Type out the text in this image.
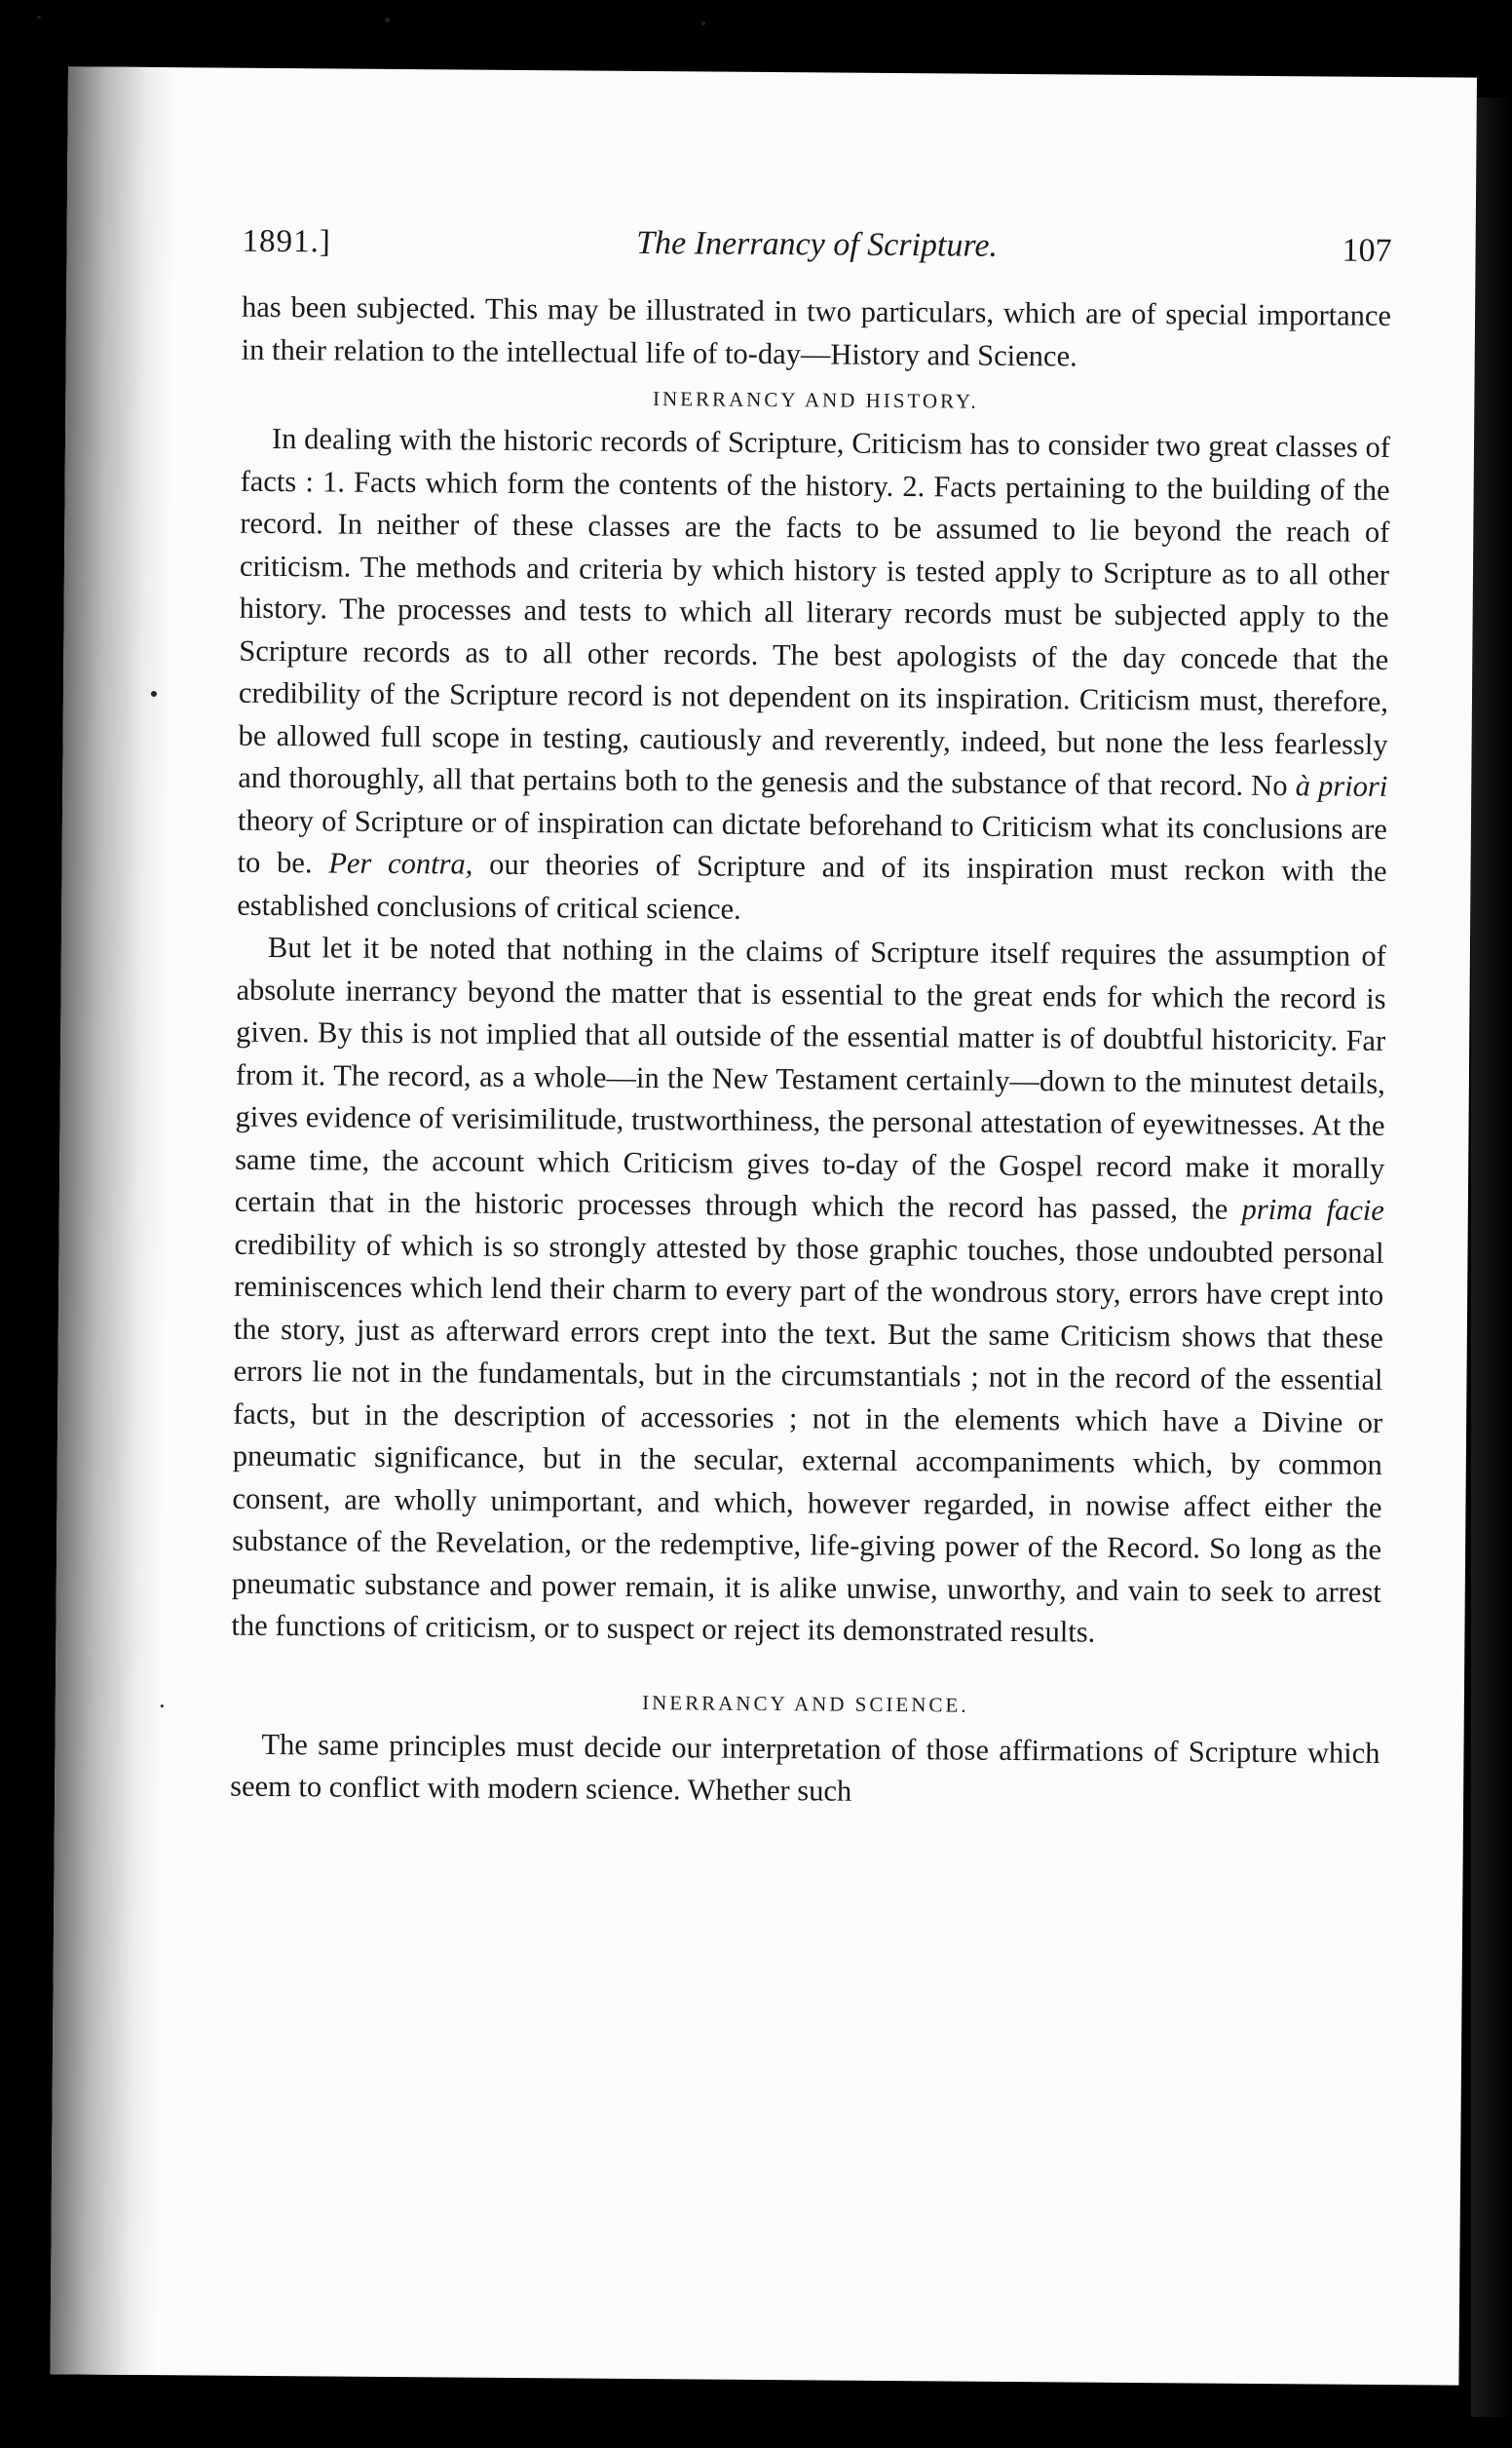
1891.]	The Inerrancy of Scripture.	107

has been subjected. This may be illustrated in two particulars, which are of special importance in their relation to the intellectual life of to-day—History and Science.

INERRANCY AND HISTORY.

In dealing with the historic records of Scripture, Criticism has to consider two great classes of facts : 1. Facts which form the contents of the history. 2. Facts pertaining to the building of the record. In neither of these classes are the facts to be assumed to lie beyond the reach of criticism. The methods and criteria by which history is tested apply to Scripture as to all other history. The processes and tests to which all literary records must be subjected apply to the Scripture records as to all other records. The best apologists of the day concede that the credibility of the Scripture record is not dependent on its inspiration. Criticism must, therefore, be allowed full scope in testing, cautiously and reverently, indeed, but none the less fearlessly and thoroughly, all that pertains both to the genesis and the substance of that record. No à priori theory of Scripture or of inspiration can dictate beforehand to Criticism what its conclusions are to be. Per contra, our theories of Scripture and of its inspiration must reckon with the established conclusions of critical science.

But let it be noted that nothing in the claims of Scripture itself requires the assumption of absolute inerrancy beyond the matter that is essential to the great ends for which the record is given. By this is not implied that all outside of the essential matter is of doubtful historicity. Far from it. The record, as a whole—in the New Testament certainly—down to the minutest details, gives evidence of verisimilitude, trustworthiness, the personal attestation of eyewitnesses. At the same time, the account which Criticism gives to-day of the Gospel record make it morally certain that in the historic processes through which the record has passed, the prima facie credibility of which is so strongly attested by those graphic touches, those undoubted personal reminiscences which lend their charm to every part of the wondrous story, errors have crept into the story, just as afterward errors crept into the text. But the same Criticism shows that these errors lie not in the fundamentals, but in the circumstantials ; not in the record of the essential facts, but in the description of accessories ; not in the elements which have a Divine or pneumatic significance, but in the secular, external accompaniments which, by common consent, are wholly unimportant, and which, however regarded, in nowise affect either the substance of the Revelation, or the redemptive, life-giving power of the Record. So long as the pneumatic substance and power remain, it is alike unwise, unworthy, and vain to seek to arrest the functions of criticism, or to suspect or reject its demonstrated results.

INERRANCY AND SCIENCE.

The same principles must decide our interpretation of those affirmations of Scripture which seem to conflict with modern science. Whether such
